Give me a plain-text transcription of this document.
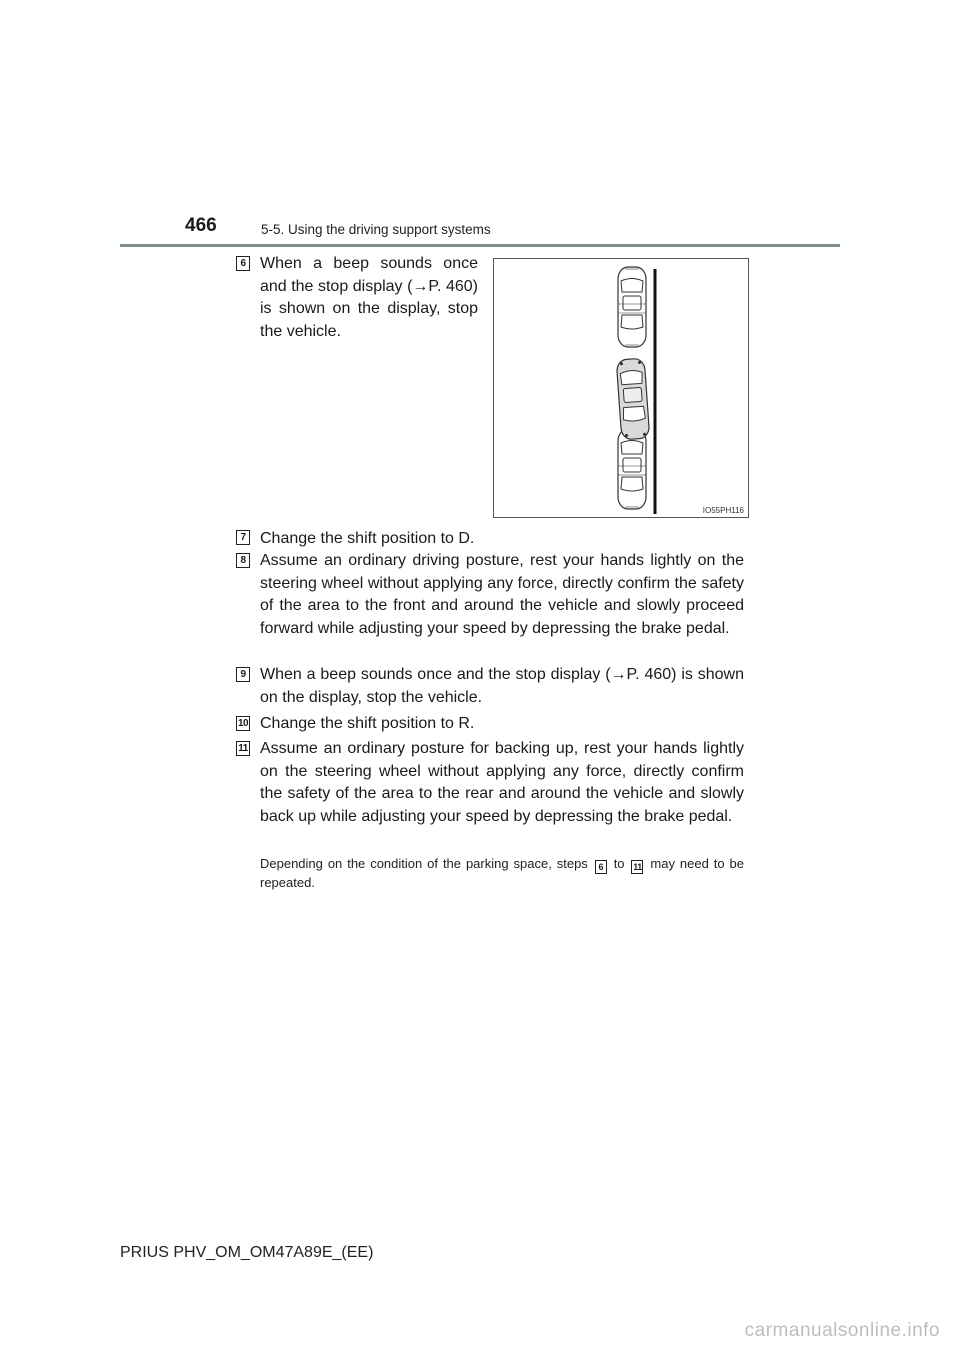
466	5-5. Using the driving support systems
6 When a beep sounds once and the stop display (→P. 460) is shown on the display, stop the vehicle.
IO55PH116
7 Change the shift position to D.
8 Assume an ordinary driving posture, rest your hands lightly on the steering wheel without applying any force, directly confirm the safety of the area to the front and around the vehicle and slowly proceed forward while adjusting your speed by depressing the brake pedal.
9 When a beep sounds once and the stop display (→P. 460) is shown on the display, stop the vehicle.
10 Change the shift position to R.
11 Assume an ordinary posture for backing up, rest your hands lightly on the steering wheel without applying any force, directly confirm the safety of the area to the rear and around the vehicle and slowly back up while adjusting your speed by depressing the brake pedal.
Depending on the condition of the parking space, steps 6 to 11 may need to be repeated.
PRIUS PHV_OM_OM47A89E_(EE)
carmanualsonline.info
